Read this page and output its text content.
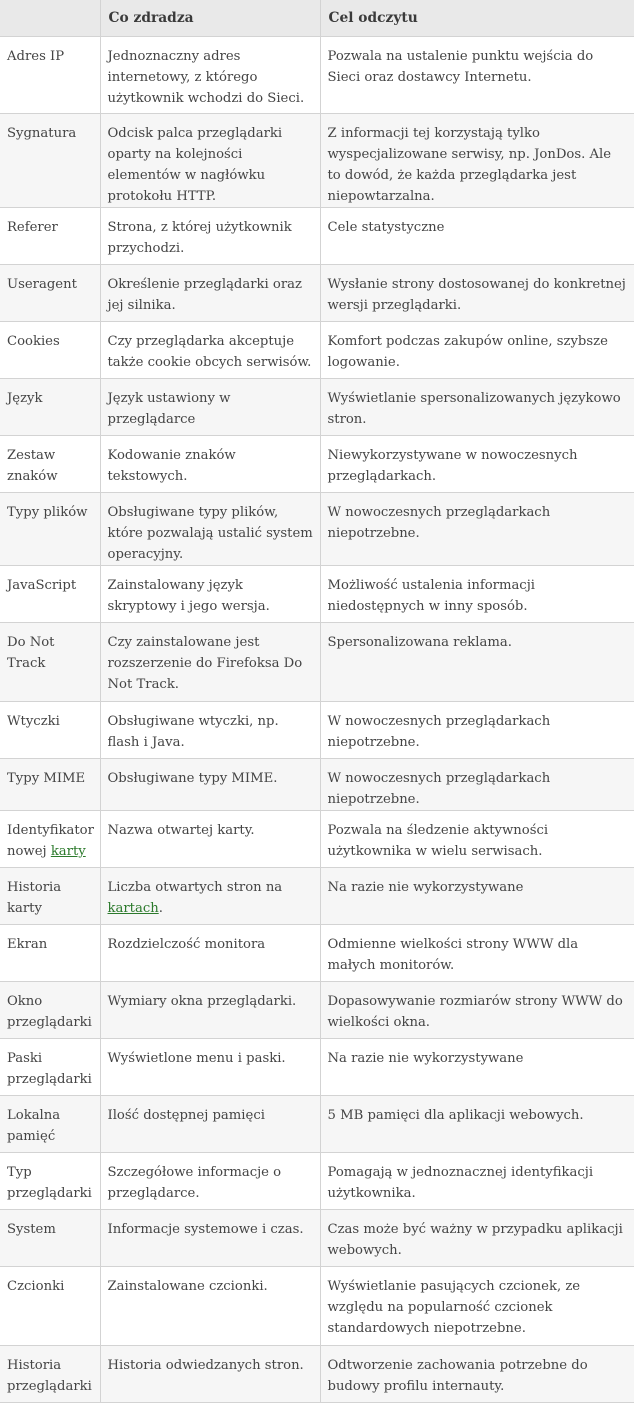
	Co zdradza	Cel odczytu
Adres IP	Jednoznaczny adres internetowy, z którego użytkownik wchodzi do Sieci.	Pozwala na ustalenie punktu wejścia do Sieci oraz dostawcy Internetu.
Sygnatura	Odcisk palca przeglądarki oparty na kolejności elementów w nagłówku protokołu HTTP.	Z informacji tej korzystają tylko wyspecjalizowane serwisy, np. JonDos. Ale to dowód, że każda przeglądarka jest niepowtarzalna.
Referer	Strona, z której użytkownik przychodzi.	Cele statystyczne
Useragent	Określenie przeglądarki oraz jej silnika.	Wysłanie strony dostosowanej do konkretnej wersji przeglądarki.
Cookies	Czy przeglądarka akceptuje także cookie obcych serwisów.	Komfort podczas zakupów online, szybsze logowanie.
Język	Język ustawiony w przeglądarce	Wyświetlanie spersonalizowanych językowo stron.
Zestaw znaków	Kodowanie znaków tekstowych.	Niewykorzystywane w nowoczesnych przeglądarkach.
Typy plików	Obsługiwane typy plików, które pozwalają ustalić system operacyjny.	W nowoczesnych przeglądarkach niepotrzebne.
JavaScript	Zainstalowany język skryptowy i jego wersja.	Możliwość ustalenia informacji niedostępnych w inny sposób.
Do Not Track	Czy zainstalowane jest rozszerzenie do Firefoksa Do Not Track.	Spersonalizowana reklama.
Wtyczki	Obsługiwane wtyczki, np. flash i Java.	W nowoczesnych przeglądarkach niepotrzebne.
Typy MIME	Obsługiwane typy MIME.	W nowoczesnych przeglądarkach niepotrzebne.
Identyfikator nowej karty	Nazwa otwartej karty.	Pozwala na śledzenie aktywności użytkownika w wielu serwisach.
Historia karty	Liczba otwartych stron na kartach.	Na razie nie wykorzystywane
Ekran	Rozdzielczość monitora	Odmienne wielkości strony WWW dla małych monitorów.
Okno przeglądarki	Wymiary okna przeglądarki.	Dopasowywanie rozmiarów strony WWW do wielkości okna.
Paski przeglądarki	Wyświetlone menu i paski.	Na razie nie wykorzystywane
Lokalna pamięć	Ilość dostępnej pamięci	5 MB pamięci dla aplikacji webowych.
Typ przeglądarki	Szczegółowe informacje o przeglądarce.	Pomagają w jednoznacznej identyfikacji użytkownika.
System	Informacje systemowe i czas.	Czas może być ważny w przypadku aplikacji webowych.
Czcionki	Zainstalowane czcionki.	Wyświetlanie pasujących czcionek, ze względu na popularność czcionek standardowych niepotrzebne.
Historia przeglądarki	Historia odwiedzanych stron.	Odtworzenie zachowania potrzebne do budowy profilu internauty.
